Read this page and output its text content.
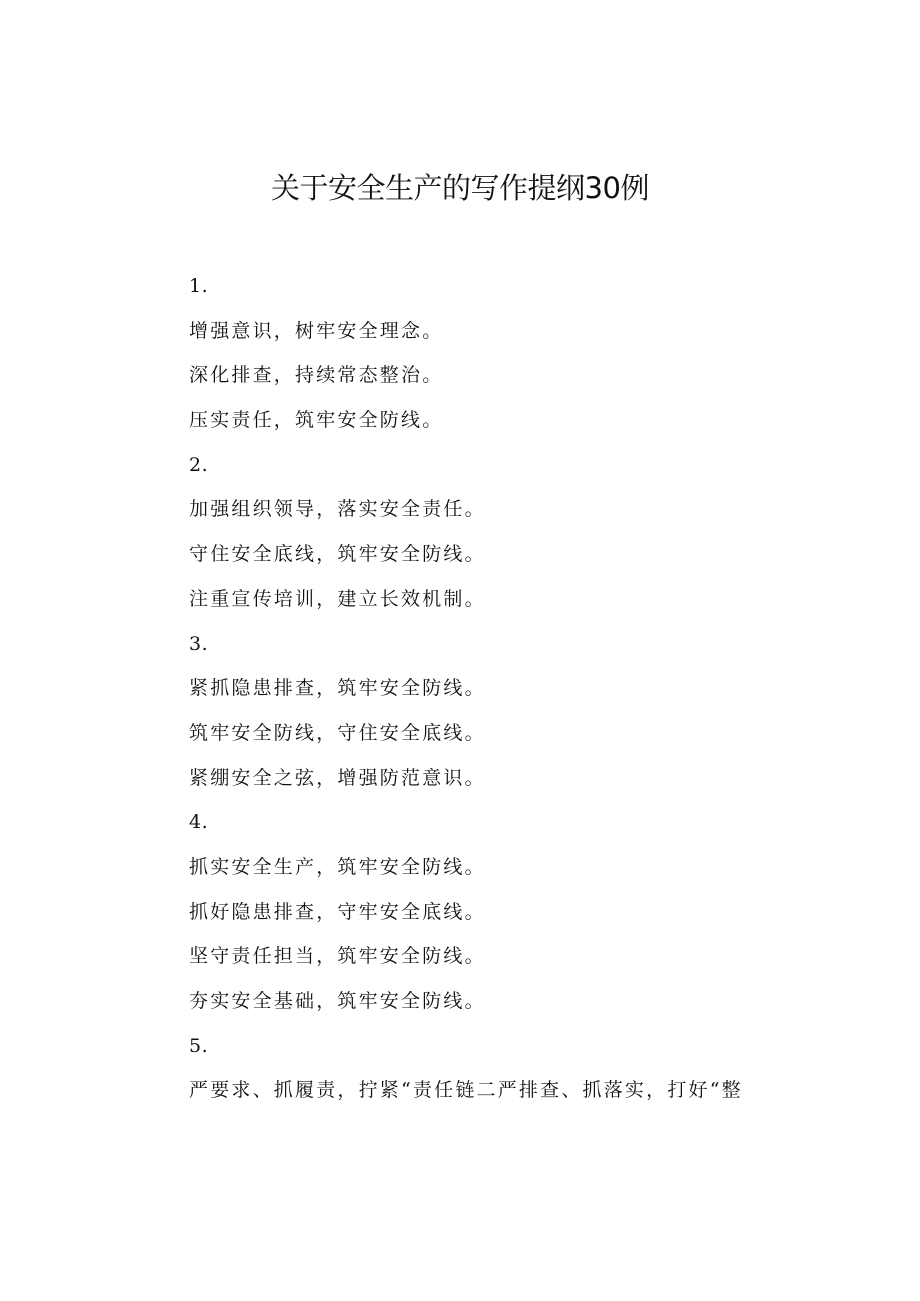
关于安全生产的写作提纲30例

1.

增强意识，树牢安全理念。

深化排查，持续常态整治。

压实责任，筑牢安全防线。

2.

加强组织领导，落实安全责任。

守住安全底线，筑牢安全防线。

注重宣传培训，建立长效机制。

3.

紧抓隐患排查，筑牢安全防线。

筑牢安全防线，守住安全底线。

紧绷安全之弦，增强防范意识。

4.

抓实安全生产，筑牢安全防线。

抓好隐患排查，守牢安全底线。

坚守责任担当，筑牢安全防线。

夯实安全基础，筑牢安全防线。

5.

严要求、抓履责，拧紧“责任链二严排查、抓落实，打好“整
